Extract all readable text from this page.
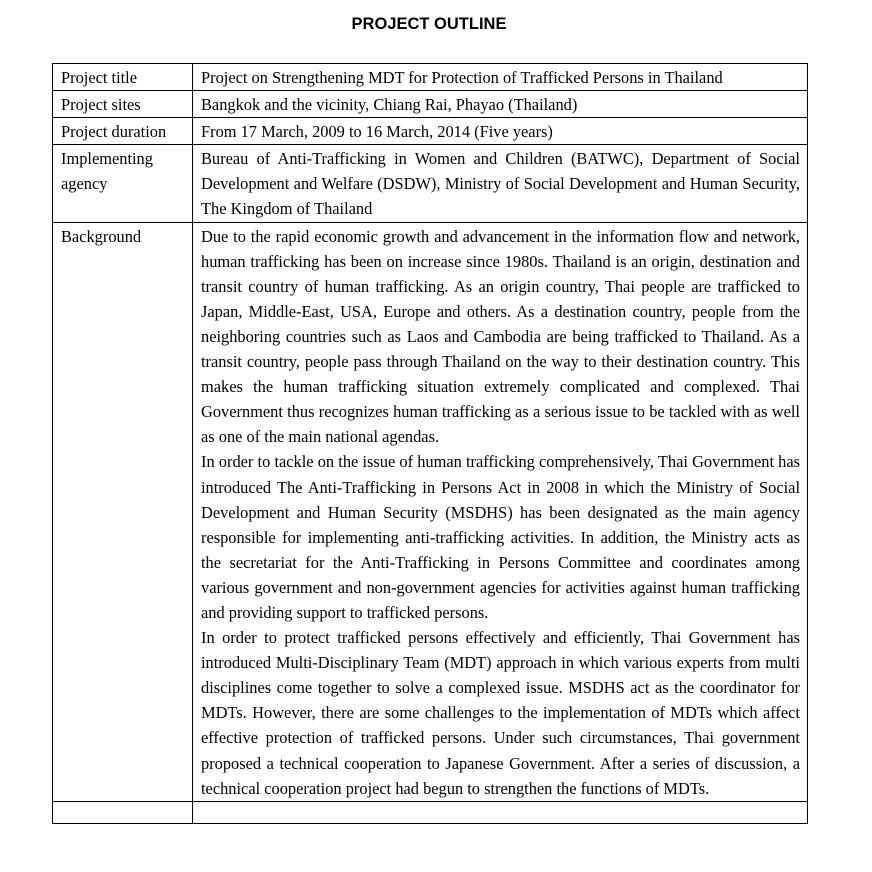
PROJECT OUTLINE
Project title	Project on Strengthening MDT for Protection of Trafficked Persons in Thailand
Project sites	Bangkok and the vicinity, Chiang Rai, Phayao (Thailand)
Project duration	From 17 March, 2009 to 16 March, 2014 (Five years)
Implementing agency	Bureau of Anti-Trafficking in Women and Children (BATWC), Department of Social Development and Welfare (DSDW), Ministry of Social Development and Human Security, The Kingdom of Thailand

Background	Due to the rapid economic growth and advancement in the information flow and network, human trafficking has been on increase since 1980s. Thailand is an origin, destination and transit country of human trafficking. As an origin country, Thai people are trafficked to Japan, Middle-East, USA, Europe and others. As a destination country, people from the neighboring countries such as Laos and Cambodia are being trafficked to Thailand. As a transit country, people pass through Thailand on the way to their destination country. This makes the human trafficking situation extremely complicated and complexed. Thai Government thus recognizes human trafficking as a serious issue to be tackled with as well as one of the main national agendas.

In order to tackle on the issue of human trafficking comprehensively, Thai Government has introduced The Anti-Trafficking in Persons Act in 2008 in which the Ministry of Social Development and Human Security (MSDHS) has been designated as the main agency responsible for implementing anti-trafficking activities. In addition, the Ministry acts as the secretariat for the Anti-Trafficking in Persons Committee and coordinates among various government and non-government agencies for activities against human trafficking and providing support to trafficked persons.

In order to protect trafficked persons effectively and efficiently, Thai Government has introduced Multi-Disciplinary Team (MDT) approach in which various experts from multi disciplines come together to solve a complexed issue. MSDHS act as the coordinator for MDTs. However, there are some challenges to the implementation of MDTs which affect effective protection of trafficked persons. Under such circumstances, Thai government proposed a technical cooperation to Japanese Government. After a series of discussion, a technical cooperation project had begun to strengthen the functions of MDTs.
